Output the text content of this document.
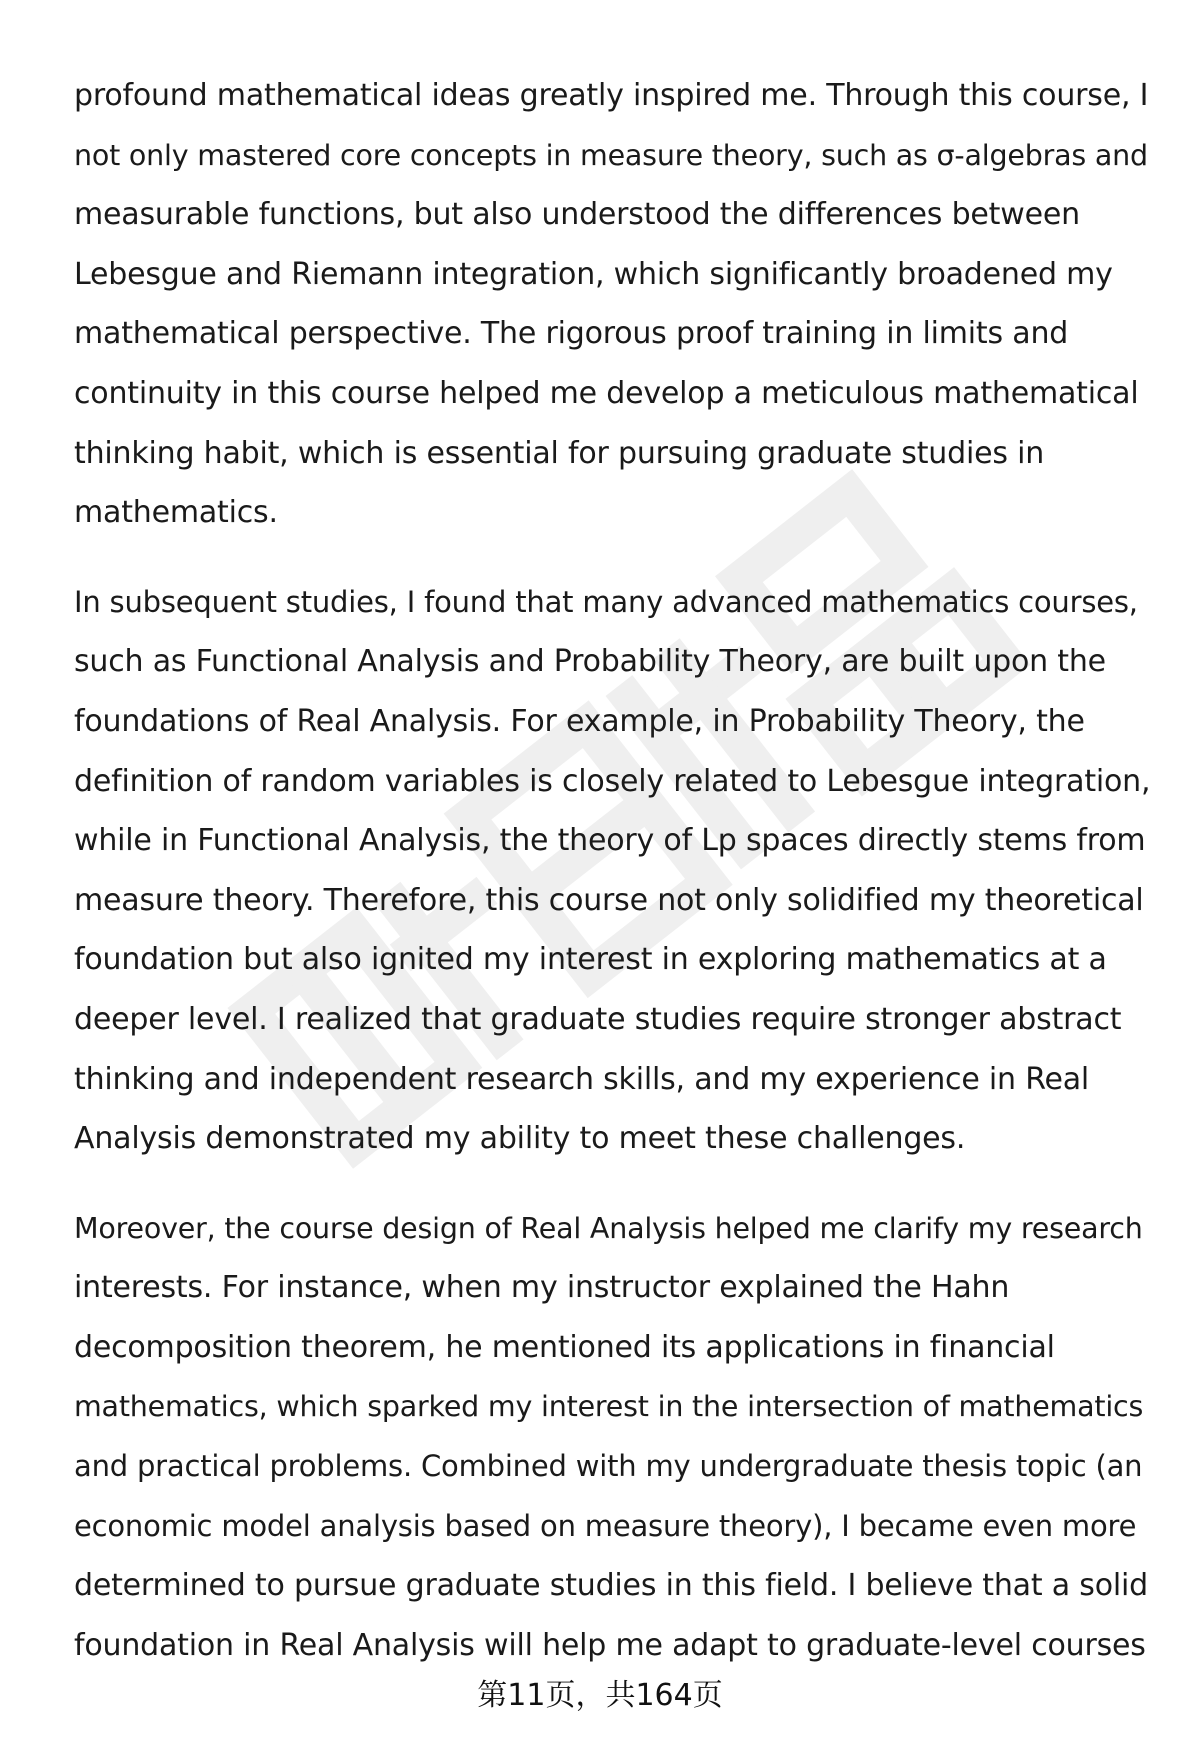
profound mathematical ideas greatly inspired me. Through this course, I
not only mastered core concepts in measure theory, such as σ-algebras and
measurable functions, but also understood the differences between
Lebesgue and Riemann integration, which significantly broadened my
mathematical perspective. The rigorous proof training in limits and
continuity in this course helped me develop a meticulous mathematical
thinking habit, which is essential for pursuing graduate studies in
mathematics.
In subsequent studies, I found that many advanced mathematics courses,
such as Functional Analysis and Probability Theory, are built upon the
foundations of Real Analysis. For example, in Probability Theory, the
definition of random variables is closely related to Lebesgue integration,
while in Functional Analysis, the theory of Lp spaces directly stems from
measure theory. Therefore, this course not only solidified my theoretical
foundation but also ignited my interest in exploring mathematics at a
deeper level. I realized that graduate studies require stronger abstract
thinking and independent research skills, and my experience in Real
Analysis demonstrated my ability to meet these challenges.
Moreover, the course design of Real Analysis helped me clarify my research
interests. For instance, when my instructor explained the Hahn
decomposition theorem, he mentioned its applications in financial
mathematics, which sparked my interest in the intersection of mathematics
and practical problems. Combined with my undergraduate thesis topic (an
economic model analysis based on measure theory), I became even more
determined to pursue graduate studies in this field. I believe that a solid
foundation in Real Analysis will help me adapt to graduate-level courses
第11页，共164页
